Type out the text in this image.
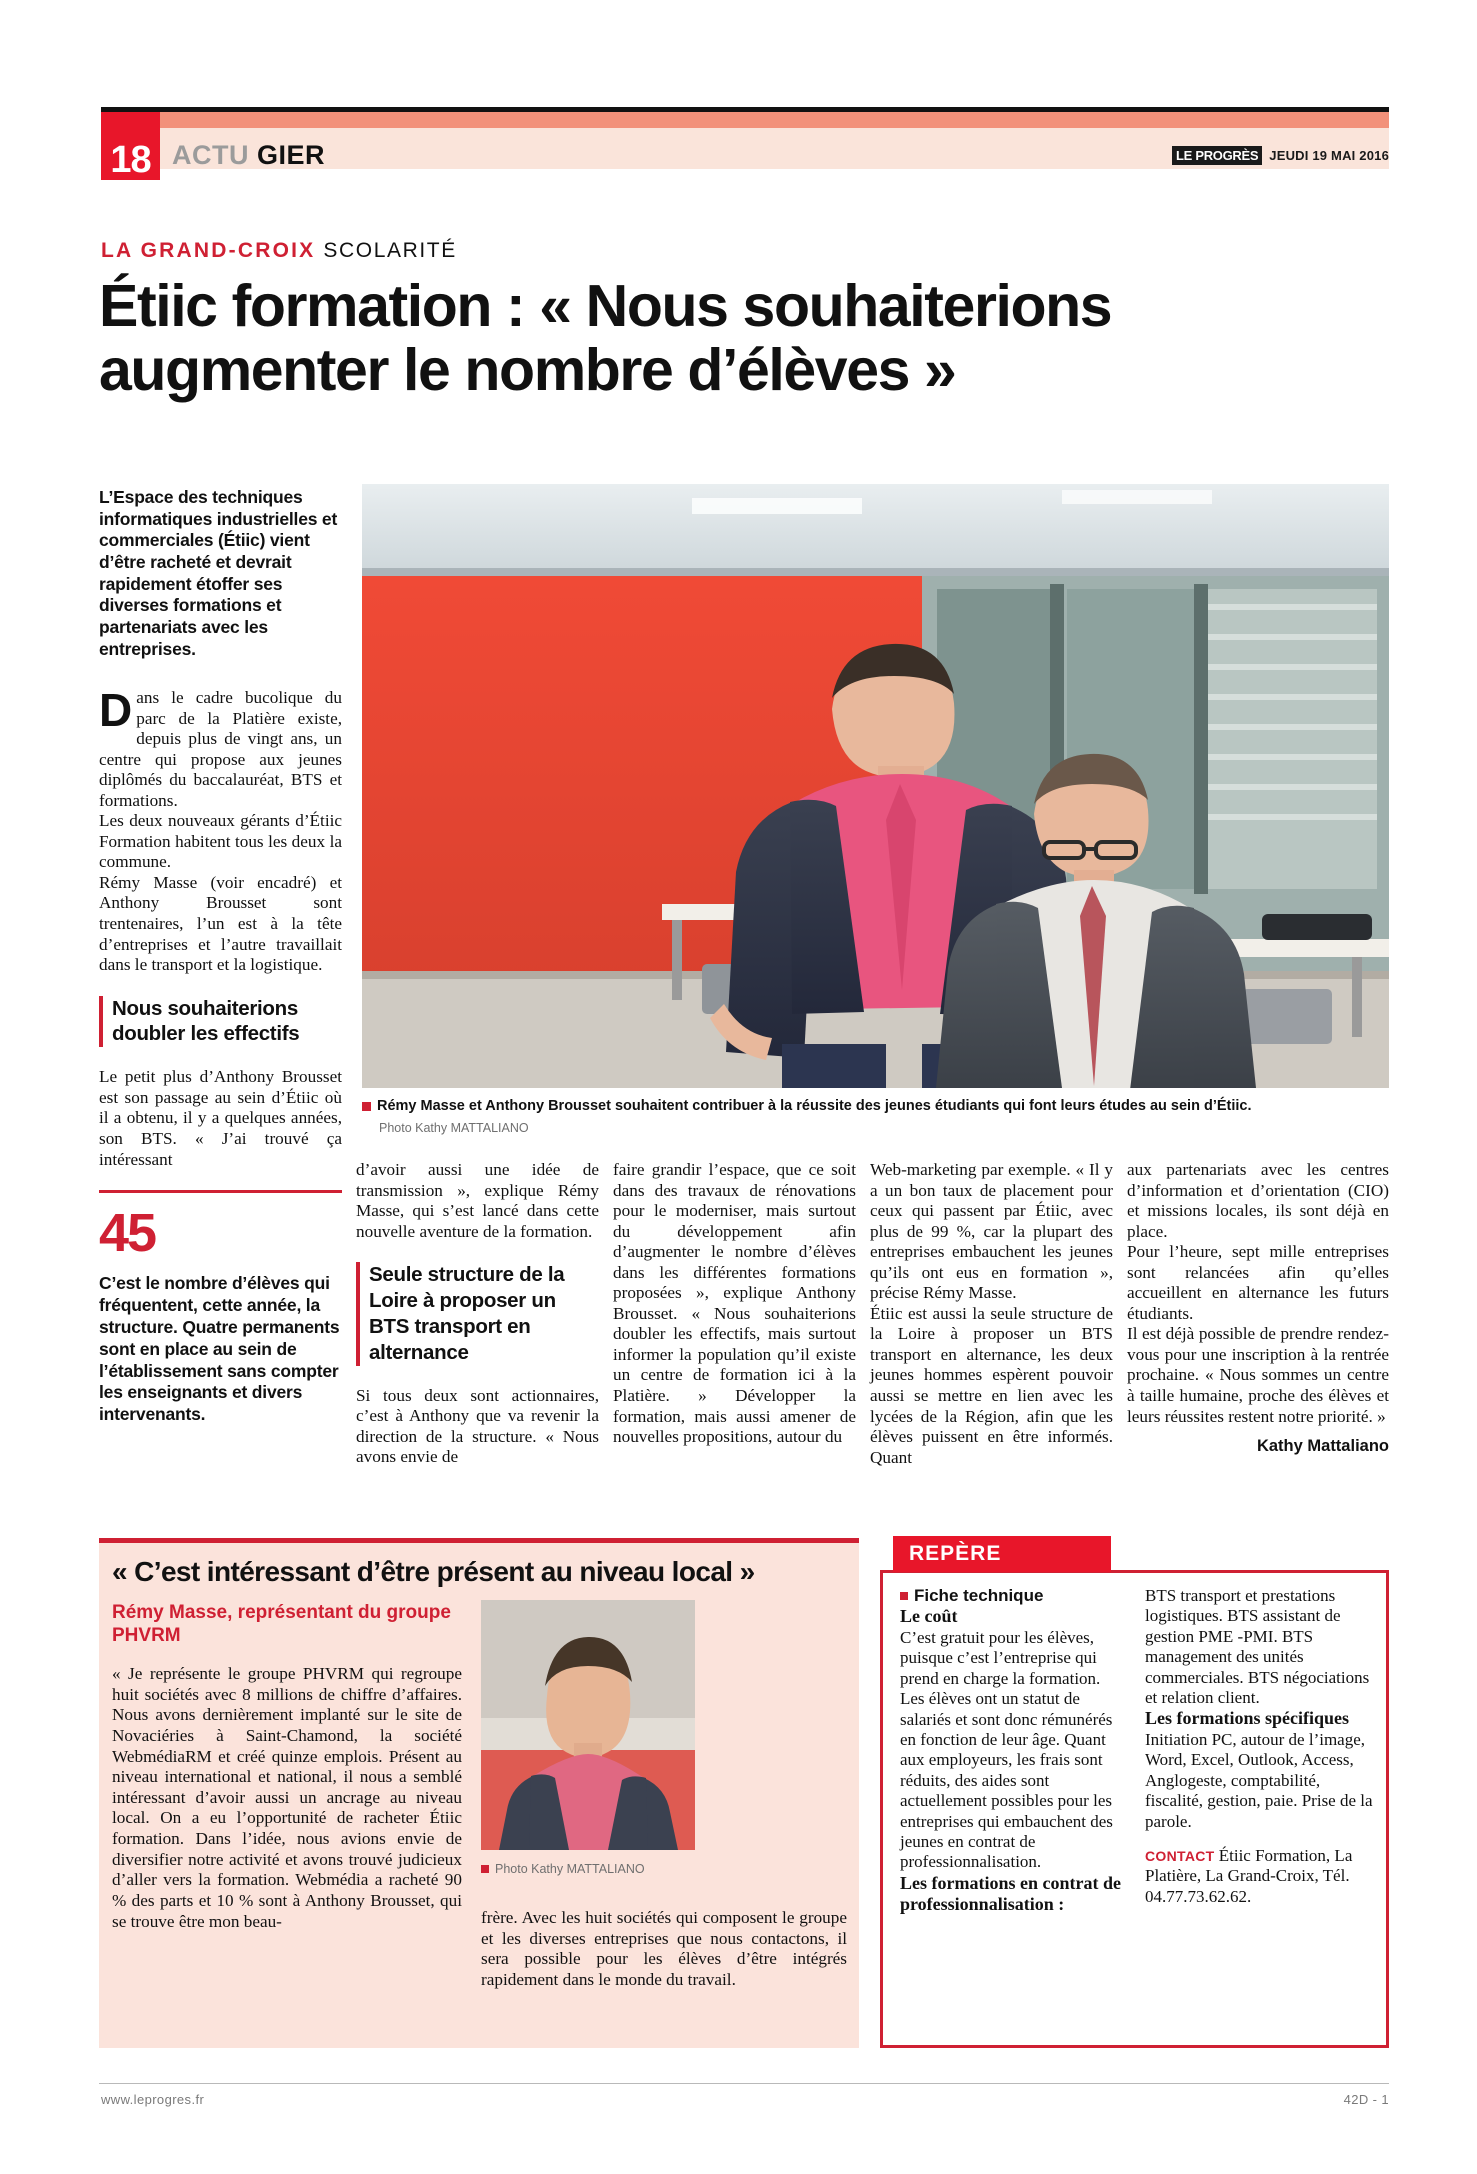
18 ACTU GIER	LE PROGRÈS JEUDI 19 MAI 2016
LA GRAND-CROIX SCOLARITÉ
Étiic formation : « Nous souhaiterions augmenter le nombre d’élèves »
L’Espace des techniques informatiques industrielles et commerciales (Étiic) vient d’être racheté et devrait rapidement étoffer ses diverses formations et partenariats avec les entreprises.
Rémy Masse et Anthony Brousset souhaitent contribuer à la réussite des jeunes étudiants qui font leurs études au sein d’Étiic.
Photo Kathy MATTALIANO
Dans le cadre bucolique du parc de la Platière existe, depuis plus de vingt ans, un centre qui propose aux jeunes diplômés du baccalauréat, BTS et formations.
Les deux nouveaux gérants d’Étiic Formation habitent tous les deux la commune.
Rémy Masse (voir encadré) et Anthony Brousset sont trentenaires, l’un est à la tête d’entreprises et l’autre travaillait dans le transport et la logistique.
Nous souhaiterions doubler les effectifs
Le petit plus d’Anthony Brousset est son passage au sein d’Étiic où il a obtenu, il y a quelques années, son BTS. « J’ai trouvé ça intéressant
45
C’est le nombre d’élèves qui fréquentent, cette année, la structure. Quatre permanents sont en place au sein de l’établissement sans compter les enseignants et divers intervenants.
d’avoir aussi une idée de transmission », explique Rémy Masse, qui s’est lancé dans cette nouvelle aventure de la formation.
Seule structure de la Loire à proposer un BTS transport en alternance
Si tous deux sont actionnaires, c’est à Anthony que va revenir la direction de la structure. « Nous avons envie de
faire grandir l’espace, que ce soit dans des travaux de rénovations pour le moderniser, mais surtout du développement afin d’augmenter le nombre d’élèves dans les différentes formations proposées », explique Anthony Brousset. « Nous souhaiterions doubler les effectifs, mais surtout informer la population qu’il existe un centre de formation ici à la Platière. » Développer la formation, mais aussi amener de nouvelles propositions, autour du
Web-marketing par exemple. « Il y a un bon taux de placement pour ceux qui passent par Étiic, avec plus de 99 %, car la plupart des entreprises embauchent les jeunes qu’ils ont eus en formation », précise Rémy Masse.
Étiic est aussi la seule structure de la Loire à proposer un BTS transport en alternance, les deux jeunes hommes espèrent pouvoir aussi se mettre en lien avec les lycées de la Région, afin que les élèves puissent en être informés. Quant
aux partenariats avec les centres d’information et d’orientation (CIO) et missions locales, ils sont déjà en place.
Pour l’heure, sept mille entreprises sont relancées afin qu’elles accueillent en alternance les futurs étudiants.
Il est déjà possible de prendre rendez-vous pour une inscription à la rentrée prochaine. « Nous sommes un centre à taille humaine, proche des élèves et leurs réussites restent notre priorité. »
Kathy Mattaliano
« C’est intéressant d’être présent au niveau local »
Rémy Masse, représentant du groupe PHVRM
« Je représente le groupe PHVRM qui regroupe huit sociétés avec 8 millions de chiffre d’affaires. Nous avons dernièrement implanté sur le site de Novaciéries à Saint-Chamond, la société WebmédiaRM et créé quinze emplois. Présent au niveau international et national, il nous a semblé intéressant d’avoir aussi un ancrage au niveau local. On a eu l’opportunité de racheter Étiic formation. Dans l’idée, nous avions envie de diversifier notre activité et avons trouvé judicieux d’aller vers la formation. Webmédia a racheté 90 % des parts et 10 % sont à Anthony Brousset, qui se trouve être mon beau-	frère. Avec les huit sociétés qui composent le groupe et les diverses entreprises que nous contactons, il sera possible pour les élèves d’être intégrés rapidement dans le monde du travail.
Photo Kathy MATTALIANO
REPÈRE
Fiche technique
Le coût
C’est gratuit pour les élèves, puisque c’est l’entreprise qui prend en charge la formation. Les élèves ont un statut de salariés et sont donc rémunérés en fonction de leur âge. Quant aux employeurs, les frais sont réduits, des aides sont actuellement possibles pour les entreprises qui embauchent des jeunes en contrat de professionnalisation.
Les formations en contrat de professionnalisation :
BTS transport et prestations logistiques. BTS assistant de gestion PME -PMI. BTS management des unités commerciales. BTS négociations et relation client.
Les formations spécifiques
Initiation PC, autour de l’image, Word, Excel, Outlook, Access, Anglogeste, comptabilité, fiscalité, gestion, paie. Prise de la parole.
CONTACT Étiic Formation, La Platière, La Grand-Croix, Tél. 04.77.73.62.62.
www.leprogres.fr	42D - 1
